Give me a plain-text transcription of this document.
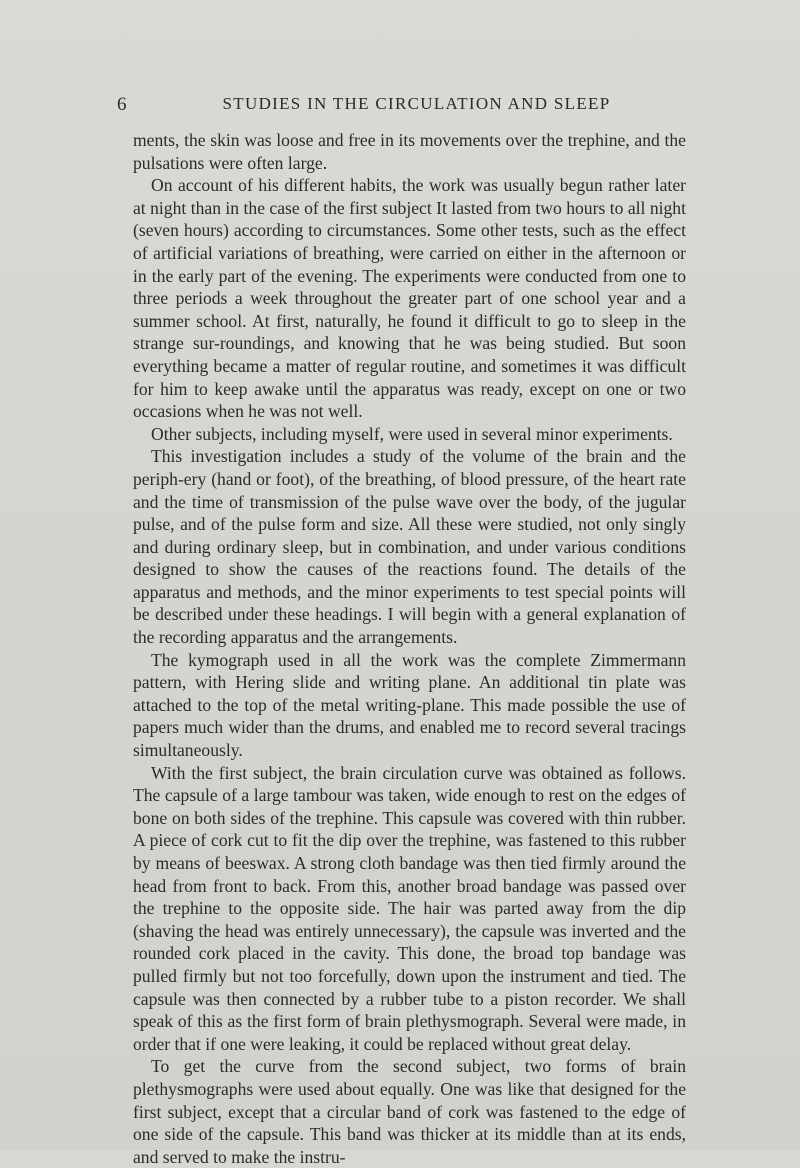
6	STUDIES IN THE CIRCULATION AND SLEEP

ments, the skin was loose and free in its movements over the trephine, and the pulsations were often large.

On account of his different habits, the work was usually begun rather later at night than in the case of the first subject It lasted from two hours to all night (seven hours) according to circumstances. Some other tests, such as the effect of artificial variations of breathing, were carried on either in the afternoon or in the early part of the evening. The experiments were conducted from one to three periods a week throughout the greater part of one school year and a summer school. At first, naturally, he found it difficult to go to sleep in the strange sur-roundings, and knowing that he was being studied. But soon everything became a matter of regular routine, and sometimes it was difficult for him to keep awake until the apparatus was ready, except on one or two occasions when he was not well.

Other subjects, including myself, were used in several minor experiments.

This investigation includes a study of the volume of the brain and the periph-ery (hand or foot), of the breathing, of blood pressure, of the heart rate and the time of transmission of the pulse wave over the body, of the jugular pulse, and of the pulse form and size. All these were studied, not only singly and during ordinary sleep, but in combination, and under various conditions designed to show the causes of the reactions found. The details of the apparatus and methods, and the minor experiments to test special points will be described under these headings. I will begin with a general explanation of the recording apparatus and the arrangements.

The kymograph used in all the work was the complete Zimmermann pattern, with Hering slide and writing plane. An additional tin plate was attached to the top of the metal writing-plane. This made possible the use of papers much wider than the drums, and enabled me to record several tracings simultaneously.

With the first subject, the brain circulation curve was obtained as follows. The capsule of a large tambour was taken, wide enough to rest on the edges of bone on both sides of the trephine. This capsule was covered with thin rubber. A piece of cork cut to fit the dip over the trephine, was fastened to this rubber by means of beeswax. A strong cloth bandage was then tied firmly around the head from front to back. From this, another broad bandage was passed over the trephine to the opposite side. The hair was parted away from the dip (shaving the head was entirely unnecessary), the capsule was inverted and the rounded cork placed in the cavity. This done, the broad top bandage was pulled firmly but not too forcefully, down upon the instrument and tied. The capsule was then connected by a rubber tube to a piston recorder. We shall speak of this as the first form of brain plethysmograph. Several were made, in order that if one were leaking, it could be replaced without great delay.

To get the curve from the second subject, two forms of brain plethysmographs were used about equally. One was like that designed for the first subject, except that a circular band of cork was fastened to the edge of one side of the capsule. This band was thicker at its middle than at its ends, and served to make the instru-
